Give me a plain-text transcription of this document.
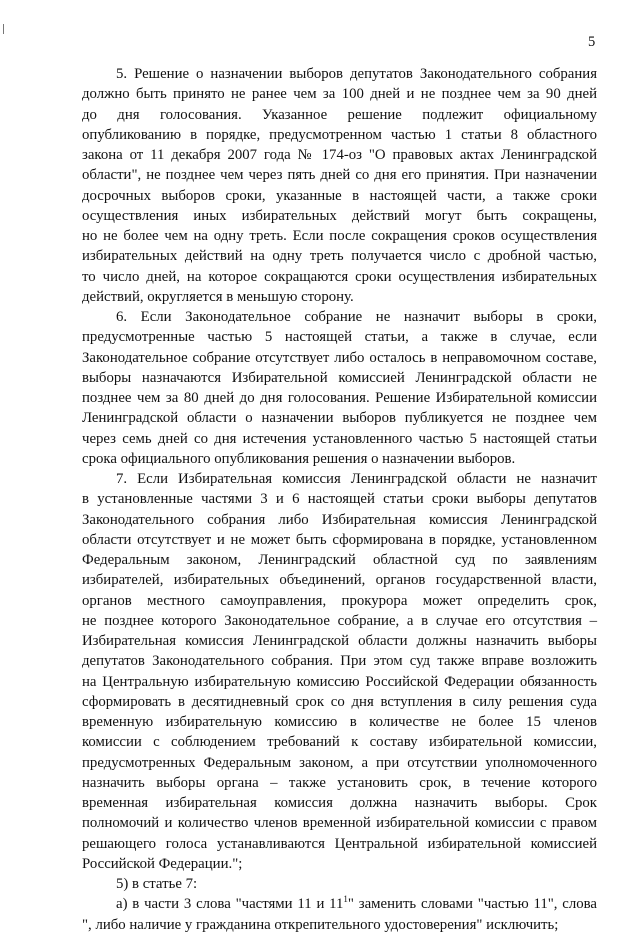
5
5. Решение о назначении выборов депутатов Законодательного собрания
должно быть принято не ранее чем за 100 дней и не позднее чем за 90 дней
до дня голосования. Указанное решение подлежит официальному
опубликованию в порядке, предусмотренном частью 1 статьи 8 областного
закона от 11 декабря 2007 года № 174-оз "О правовых актах Ленинградской
области", не позднее чем через пять дней со дня его принятия. При назначении
досрочных выборов сроки, указанные в настоящей части, а также сроки
осуществления иных избирательных действий могут быть сокращены,
но не более чем на одну треть. Если после сокращения сроков осуществления
избирательных действий на одну треть получается число с дробной частью,
то число дней, на которое сокращаются сроки осуществления избирательных
действий, округляется в меньшую сторону.
6. Если Законодательное собрание не назначит выборы в сроки,
предусмотренные частью 5 настоящей статьи, а также в случае, если
Законодательное собрание отсутствует либо осталось в неправомочном составе,
выборы назначаются Избирательной комиссией Ленинградской области не
позднее чем за 80 дней до дня голосования. Решение Избирательной комиссии
Ленинградской области о назначении выборов публикуется не позднее чем
через семь дней со дня истечения установленного частью 5 настоящей статьи
срока официального опубликования решения о назначении выборов.
7. Если Избирательная комиссия Ленинградской области не назначит
в установленные частями 3 и 6 настоящей статьи сроки выборы депутатов
Законодательного собрания либо Избирательная комиссия Ленинградской
области отсутствует и не может быть сформирована в порядке, установленном
Федеральным законом, Ленинградский областной суд по заявлениям
избирателей, избирательных объединений, органов государственной власти,
органов местного самоуправления, прокурора может определить срок,
не позднее которого Законодательное собрание, а в случае его отсутствия –
Избирательная комиссия Ленинградской области должны назначить выборы
депутатов Законодательного собрания. При этом суд также вправе возложить
на Центральную избирательную комиссию Российской Федерации обязанность
сформировать в десятидневный срок со дня вступления в силу решения суда
временную избирательную комиссию в количестве не более 15 членов
комиссии с соблюдением требований к составу избирательной комиссии,
предусмотренных Федеральным законом, а при отсутствии уполномоченного
назначить выборы органа – также установить срок, в течение которого
временная избирательная комиссия должна назначить выборы. Срок
полномочий и количество членов временной избирательной комиссии с правом
решающего голоса устанавливаются Центральной избирательной комиссией
Российской Федерации.";
5) в статье 7:
а) в части 3 слова "частями 11 и $11^1$" заменить словами "частью 11", слова
", либо наличие у гражданина открепительного удостоверения" исключить;
